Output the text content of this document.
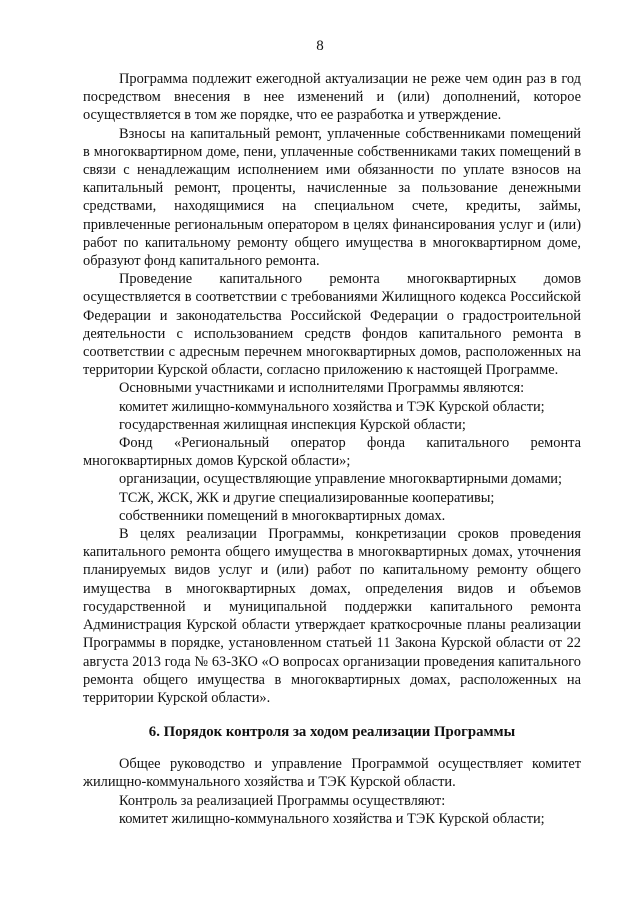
8

Программа подлежит ежегодной актуализации не реже чем один раз в год посредством внесения в нее изменений и (или) дополнений, которое осуществляется в том же порядке, что ее разработка и утверждение.

Взносы на капитальный ремонт, уплаченные собственниками помещений в многоквартирном доме, пени, уплаченные собственниками таких помещений в связи с ненадлежащим исполнением ими обязанности по уплате взносов на капитальный ремонт, проценты, начисленные за пользование денежными средствами, находящимися на специальном счете, кредиты, займы, привлеченные региональным оператором в целях финансирования услуг и (или) работ по капитальному ремонту общего имущества в многоквартирном доме, образуют фонд капитального ремонта.

Проведение капитального ремонта многоквартирных домов осуществляется в соответствии с требованиями Жилищного кодекса Российской Федерации и законодательства Российской Федерации о градостроительной деятельности с использованием средств фондов капитального ремонта в соответствии с адресным перечнем многоквартирных домов, расположенных на территории Курской области, согласно приложению к настоящей Программе.

Основными участниками и исполнителями Программы являются:

комитет жилищно-коммунального хозяйства и ТЭК Курской области;

государственная жилищная инспекция Курской области;

Фонд «Региональный оператор фонда капитального ремонта многоквартирных домов Курской области»;

организации, осуществляющие управление многоквартирными домами;

ТСЖ, ЖСК, ЖК и другие специализированные кооперативы;

собственники помещений в многоквартирных домах.

В целях реализации Программы, конкретизации сроков проведения капитального ремонта общего имущества в многоквартирных домах, уточнения планируемых видов услуг и (или) работ по капитальному ремонту общего имущества в многоквартирных домах, определения видов и объемов государственной и муниципальной поддержки капитального ремонта Администрация Курской области утверждает краткосрочные планы реализации Программы в порядке, установленном статьей 11 Закона Курской области от 22 августа 2013 года № 63-ЗКО «О вопросах организации проведения капитального ремонта общего имущества в многоквартирных домах, расположенных на территории Курской области».

6. Порядок контроля за ходом реализации Программы

Общее руководство и управление Программой осуществляет комитет жилищно-коммунального хозяйства и ТЭК Курской области.

Контроль за реализацией Программы осуществляют:

комитет жилищно-коммунального хозяйства и ТЭК Курской области;
